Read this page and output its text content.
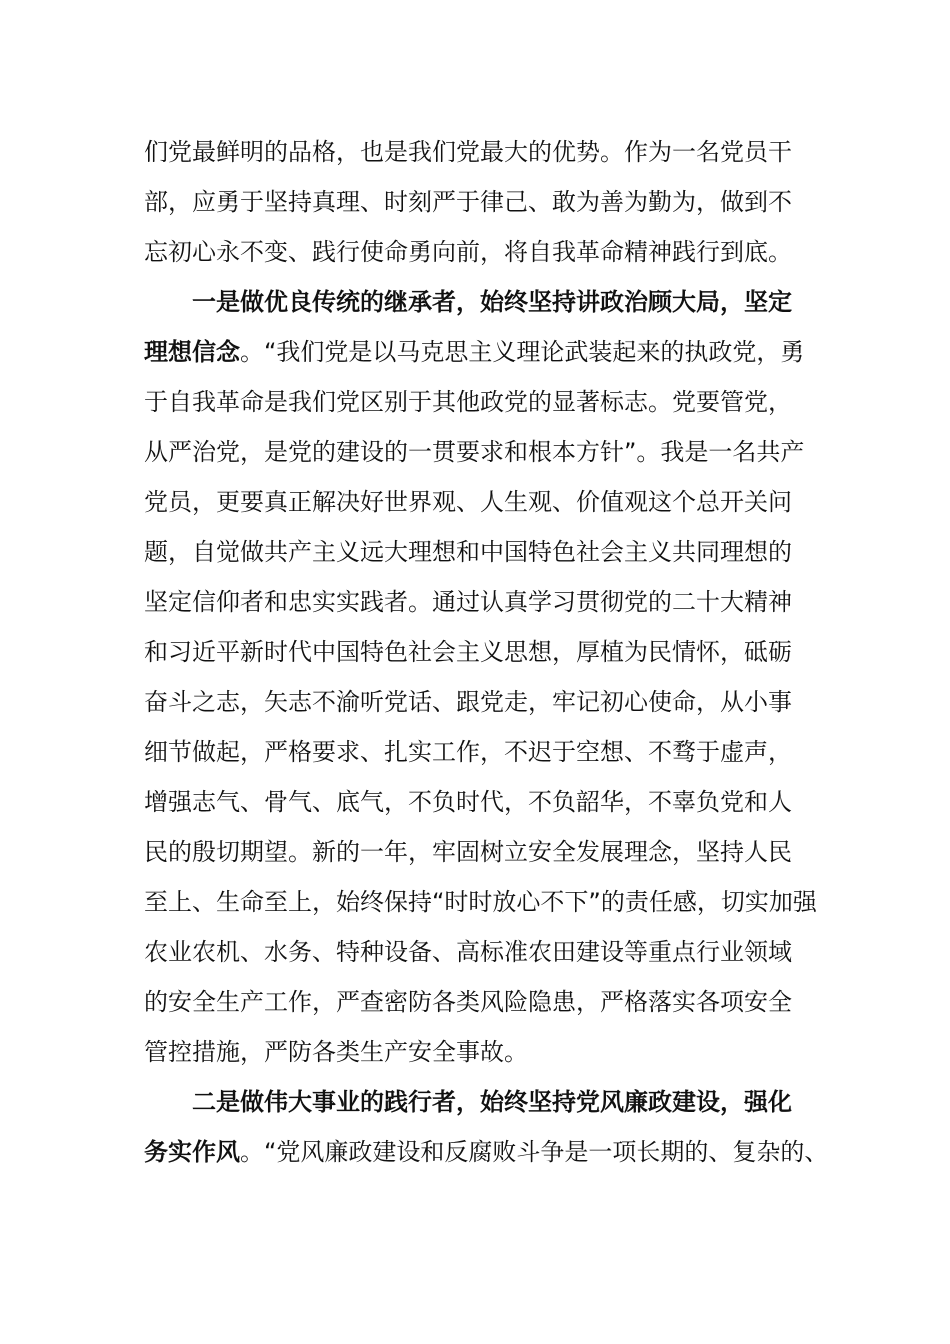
们党最鲜明的品格，也是我们党最大的优势。作为一名党员干
部，应勇于坚持真理、时刻严于律己、敢为善为勤为，做到不
忘初心永不变、践行使命勇向前，将自我革命精神践行到底。
一是做优良传统的继承者，始终坚持讲政治顾大局，坚定
理想信念。“我们党是以马克思主义理论武装起来的执政党，勇
于自我革命是我们党区别于其他政党的显著标志。党要管党，
从严治党，是党的建设的一贯要求和根本方针”。我是一名共产
党员，更要真正解决好世界观、人生观、价值观这个总开关问
题，自觉做共产主义远大理想和中国特色社会主义共同理想的
坚定信仰者和忠实实践者。通过认真学习贯彻党的二十大精神
和习近平新时代中国特色社会主义思想，厚植为民情怀，砥砺
奋斗之志，矢志不渝听党话、跟党走，牢记初心使命，从小事
细节做起，严格要求、扎实工作，不迟于空想、不骛于虚声，
增强志气、骨气、底气，不负时代，不负韶华，不辜负党和人
民的殷切期望。新的一年，牢固树立安全发展理念，坚持人民
至上、生命至上，始终保持“时时放心不下”的责任感，切实加强
农业农机、水务、特种设备、高标准农田建设等重点行业领域
的安全生产工作，严查密防各类风险隐患，严格落实各项安全
管控措施，严防各类生产安全事故。
二是做伟大事业的践行者，始终坚持党风廉政建设，强化
务实作风。“党风廉政建设和反腐败斗争是一项长期的、复杂的、
